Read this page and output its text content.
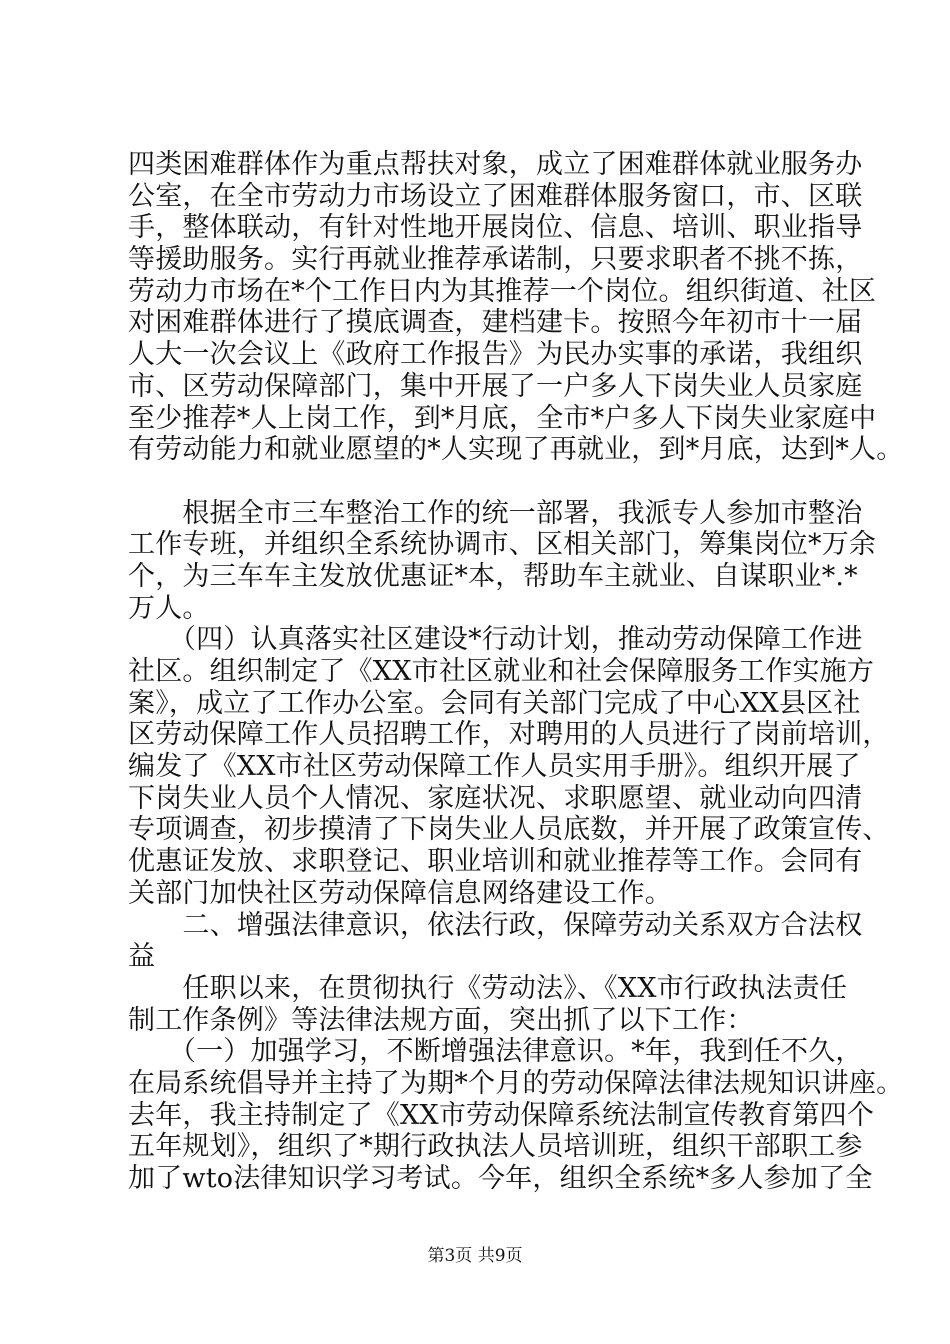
四类困难群体作为重点帮扶对象，成立了困难群体就业服务办
公室，在全市劳动力市场设立了困难群体服务窗口，市、区联
手，整体联动，有针对性地开展岗位、信息、培训、职业指导
等援助服务。实行再就业推荐承诺制，只要求职者不挑不拣，
劳动力市场在*个工作日内为其推荐一个岗位。组织街道、社区
对困难群体进行了摸底调查，建档建卡。按照今年初市十一届
人大一次会议上《政府工作报告》为民办实事的承诺，我组织
市、区劳动保障部门，集中开展了一户多人下岗失业人员家庭
至少推荐*人上岗工作，到*月底，全市*户多人下岗失业家庭中
有劳动能力和就业愿望的*人实现了再就业，到*月底，达到*人。
　　根据全市三车整治工作的统一部署，我派专人参加市整治
工作专班，并组织全系统协调市、区相关部门，筹集岗位*万余
个，为三车车主发放优惠证*本，帮助车主就业、自谋职业*.*
万人。
　　（四）认真落实社区建设*行动计划，推动劳动保障工作进
社区。组织制定了《XX市社区就业和社会保障服务工作实施方
案》，成立了工作办公室。会同有关部门完成了中心XX县区社
区劳动保障工作人员招聘工作，对聘用的人员进行了岗前培训，
编发了《XX市社区劳动保障工作人员实用手册》。组织开展了
下岗失业人员个人情况、家庭状况、求职愿望、就业动向四清
专项调查，初步摸清了下岗失业人员底数，并开展了政策宣传、
优惠证发放、求职登记、职业培训和就业推荐等工作。会同有
关部门加快社区劳动保障信息网络建设工作。
　　二、增强法律意识，依法行政，保障劳动关系双方合法权
益
　　任职以来，在贯彻执行《劳动法》、《XX市行政执法责任
制工作条例》等法律法规方面，突出抓了以下工作：
　　（一）加强学习，不断增强法律意识。*年，我到任不久，
在局系统倡导并主持了为期*个月的劳动保障法律法规知识讲座。
去年，我主持制定了《XX市劳动保障系统法制宣传教育第四个
五年规划》，组织了*期行政执法人员培训班，组织干部职工参
加了wto法律知识学习考试。今年，组织全系统*多人参加了全
第3页 共9页
